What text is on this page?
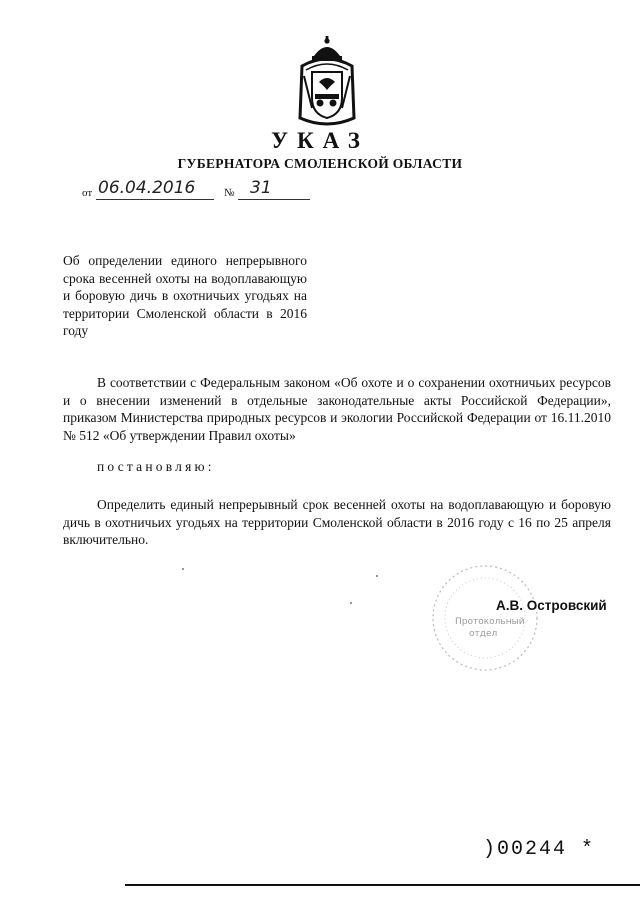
УКАЗ
ГУБЕРНАТОРА СМОЛЕНСКОЙ ОБЛАСТИ
от 06.04.2016	№ 31
Об определении единого непрерывного срока весенней охоты на водоплавающую и боровую дичь в охотничьих угодьях на территории Смоленской области в 2016 году
В соответствии с Федеральным законом «Об охоте и о сохранении охотничьих ресурсов и о внесении изменений в отдельные законодательные акты Российской Федерации», приказом Министерства природных ресурсов и экологии Российской Федерации от 16.11.2010 № 512 «Об утверждении Правил охоты»
постановляю:
Определить единый непрерывный срок весенней охоты на водоплавающую и боровую дичь в охотничьих угодьях на территории Смоленской области в 2016 году с 16 по 25 апреля включительно.
Протокольный
отдел
А.В. Островский
)00244 *
